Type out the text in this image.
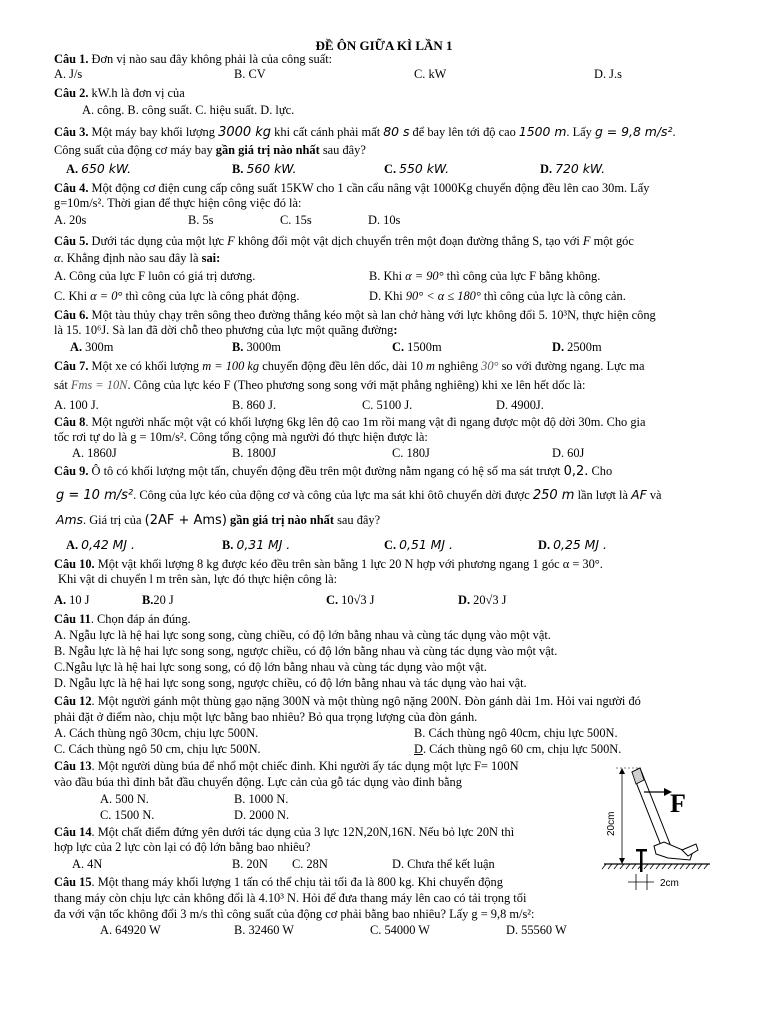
ĐỀ ÔN GIỮA KÌ LẦN 1
Câu 1. Đơn vị nào sau đây không phải là của công suất:
A. J/s	B. CV	C. kW	D. J.s
Câu 2. kW.h là đơn vị của
A. công. B. công suất. C. hiệu suất. D. lực.
Câu 3. Một máy bay khối lượng 3000 kg khi cất cánh phải mất 80 s để bay lên tới độ cao 1500 m. Lấy g = 9,8 m/s².
Công suất của động cơ máy bay gần giá trị nào nhất sau đây?
A. 650 kW.	B. 560 kW.	C. 550 kW.	D. 720 kW.
Câu 4. Một động cơ điện cung cấp công suất 15KW cho 1 cần cẩu nâng vật 1000Kg chuyển động đều lên cao 30m. Lấy
g=10m/s². Thời gian để thực hiện công việc đó là:
A. 20s	B. 5s	C. 15s	D. 10s
Câu 5. Dưới tác dụng của một lực F không đổi một vật dịch chuyển trên một đoạn đường thẳng S, tạo với F một góc
α. Khẳng định nào sau đây là sai:
A. Công của lực F luôn có giá trị dương.	B. Khi α = 90° thì công của lực F bằng không.
C. Khi α = 0° thì công của lực là công phát động.	D. Khi 90° < α ≤ 180° thì công của lực là công cản.
Câu 6. Một tàu thủy chạy trên sông theo đường thẳng kéo một sà lan chở hàng với lực không đổi 5. 10³N, thực hiện công
là 15. 10⁶J. Sà lan đã dời chỗ theo phương của lực một quãng đường:
A. 300m	B. 3000m	C. 1500m	D. 2500m
Câu 7. Một xe có khối lượng m = 100 kg chuyển động đều lên dốc, dài 10 m nghiêng 30° so với đường ngang. Lực ma
sát Fms = 10N. Công của lực kéo F (Theo phương song song với mặt phẳng nghiêng) khi xe lên hết dốc là:
A. 100 J.	B. 860 J.	C. 5100 J.	D. 4900J.
Câu 8. Một người nhấc một vật có khối lượng 6kg lên độ cao 1m rồi mang vật đi ngang được một độ dời 30m. Cho gia
tốc rơi tự do là g = 10m/s². Công tổng cộng mà người đó thực hiện được là:
A. 1860J	B. 1800J	C. 180J	D. 60J
Câu 9. Ô tô có khối lượng một tấn, chuyển động đều trên một đường nằm ngang có hệ số ma sát trượt 0,2. Cho
g = 10 m/s². Công của lực kéo của động cơ và công của lực ma sát khi ôtô chuyển dời được 250 m lần lượt là AF và
Ams. Giá trị của (2AF + Ams) gần giá trị nào nhất sau đây?
A. 0,42 MJ .	B. 0,31 MJ .	C. 0,51 MJ .	D. 0,25 MJ .
Câu 10. Một vật khối lượng 8 kg được kéo đều trên sàn bằng 1 lực 20 N hợp với phương ngang 1 góc α = 30°.
Khi vật di chuyển l m trên sàn, lực đó thực hiện công là:
A. 10 J	B.20 J	C. 10√3 J	D. 20√3 J
Câu 11. Chọn đáp án đúng.
A. Ngẫu lực là hệ hai lực song song, cùng chiều, có độ lớn bằng nhau và cùng tác dụng vào một vật.
B. Ngẫu lực là hệ hai lực song song, ngược chiều, có độ lớn bằng nhau và cùng tác dụng vào một vật.
C.Ngẫu lực là hệ hai lực song song, có độ lớn bằng nhau và cùng tác dụng vào một vật.
D. Ngẫu lực là hệ hai lực song song, ngược chiều, có độ lớn bằng nhau và tác dụng vào hai vật.
Câu 12. Một người gánh một thùng gạo nặng 300N và một thùng ngô nặng 200N. Đòn gánh dài 1m. Hỏi vai người đó
phải đặt ở điểm nào, chịu một lực bằng bao nhiêu? Bỏ qua trọng lượng của đòn gánh.
A. Cách thùng ngô 30cm, chịu lực 500N.	B. Cách thùng ngô 40cm, chịu lực 500N.
C. Cách thùng ngô 50 cm, chịu lực 500N.	D. Cách thùng ngô 60 cm, chịu lực 500N.
Câu 13. Một người dùng búa để nhổ một chiếc đinh. Khi người ấy tác dụng một lực F= 100N
vào đầu búa thì đinh bắt đầu chuyển động. Lực cản của gỗ tác dụng vào đinh bằng
A. 500 N.	B. 1000 N.
C. 1500 N.	D. 2000 N.	20cm
F
2cm
Câu 14. Một chất điểm đứng yên dưới tác dụng của 3 lực 12N,20N,16N. Nếu bỏ lực 20N thì
hợp lực của 2 lực còn lại có độ lớn bằng bao nhiêu?
A. 4N	B. 20N C. 28N	D. Chưa thể kết luận
Câu 15. Một thang máy khối lượng 1 tấn có thể chịu tải tối đa là 800 kg. Khi chuyển động
thang máy còn chịu lực cản không đổi là 4.10³ N. Hỏi để đưa thang máy lên cao có tải trọng tối
đa với vận tốc không đổi 3 m/s thì công suất của động cơ phải bằng bao nhiêu? Lấy g = 9,8 m/s²:
A. 64920 W	B. 32460 W	C. 54000 W	D. 55560 W
